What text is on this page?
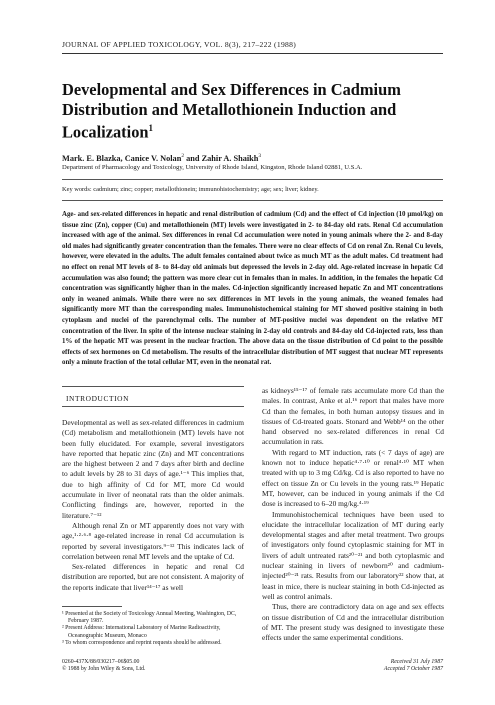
JOURNAL OF APPLIED TOXICOLOGY, VOL. 8(3), 217–222 (1988)
Developmental and Sex Differences in Cadmium Distribution and Metallothionein Induction and Localization$^1$
Mark. E. Blazka, Canice V. Nolan$^2$ and Zahir A. Shaikh$^3$
Department of Pharmacology and Toxicology, University of Rhode Island, Kingston, Rhode Island 02881, U.S.A.
Key words: cadmium; zinc; copper; metallothionein; immunohistochemistry; age; sex; liver; kidney.
Age- and sex-related differences in hepatic and renal distribution of cadmium (Cd) and the effect of Cd injection (10 μmol/kg) on tissue zinc (Zn), copper (Cu) and metallothionein (MT) levels were investigated in 2- to 84-day old rats. Renal Cd accumulation increased with age of the animal. Sex differences in renal Cd accumulation were noted in young animals where the 2- and 8-day old males had significantly greater concentration than the females. There were no clear effects of Cd on renal Zn. Renal Cu levels, however, were elevated in the adults. The adult females contained about twice as much MT as the adult males. Cd treatment had no effect on renal MT levels of 8- to 84-day old animals but depressed the levels in 2-day old. Age-related increase in hepatic Cd accumulation was also found; the pattern was more clear cut in females than in males. In addition, in the females the hepatic Cd concentration was significantly higher than in the males. Cd-injection significantly increased hepatic Zn and MT concentrations only in weaned animals. While there were no sex differences in MT levels in the young animals, the weaned females had significantly more MT than the corresponding males. Immunohistochemical staining for MT showed positive staining in both cytoplasm and nuclei of the parenchymal cells. The number of MT-positive nuclei was dependent on the relative MT concentration of the liver. In spite of the intense nuclear staining in 2-day old controls and 84-day old Cd-injected rats, less than 1% of the hepatic MT was present in the nuclear fraction. The above data on the tissue distribution of Cd point to the possible effects of sex hormones on Cd metabolism. The results of the intracellular distribution of MT suggest that nuclear MT represents only a minute fraction of the total cellular MT, even in the neonatal rat.
INTRODUCTION

Developmental as well as sex-related differences in cadmium (Cd) metabolism and metallothionein (MT) levels have not been fully elucidated. For example, several investigators have reported that hepatic zinc (Zn) and MT concentrations are the highest between 2 and 7 days after birth and decline to adult levels by 28 to 31 days of age.¹⁻⁶ This implies that, due to high affinity of Cd for MT, more Cd would accumulate in liver of neonatal rats than the older animals. Conflicting findings are, however, reported in the literature.⁷⁻¹²

Although renal Zn or MT apparently does not vary with age,¹·²·⁶·⁸ age-related increase in renal Cd accumulation is reported by several investigators.⁹⁻¹² This indicates lack of correlation between renal MT levels and the uptake of Cd.

Sex-related differences in hepatic and renal Cd distribution are reported, but are not consistent. A majority of the reports indicate that liver¹⁴⁻¹⁷ as well

as kidneys¹⁵⁻¹⁷ of female rats accumulate more Cd than the males. In contrast, Anke et al.¹⁶ report that males have more Cd than the females, in both human autopsy tissues and in tissues of Cd-treated goats. Stonard and Webb¹⁴ on the other hand observed no sex-related differences in renal Cd accumulation in rats.

With regard to MT induction, rats (< 7 days of age) are known not to induce hepatic⁴·⁷·¹⁰ or renal⁴·¹⁰ MT when treated with up to 3 mg Cd/kg. Cd is also reported to have no effect on tissue Zn or Cu levels in the young rats.¹⁹ Hepatic MT, however, can be induced in young animals if the Cd dose is increased to 6–20 mg/kg.⁴·¹⁹

Immunohistochemical techniques have been used to elucidate the intracellular localization of MT during early developmental stages and after metal treatment. Two groups of investigators only found cytoplasmic staining for MT in livers of adult untreated rats²⁰⁻²¹ and both cytoplasmic and nuclear staining in livers of newborn²⁰ and cadmium-injected²⁰⁻²¹ rats. Results from our laboratory²² show that, at least in mice, there is nuclear staining in both Cd-injected as well as control animals.

Thus, there are contradictory data on age and sex effects on tissue distribution of Cd and the intracellular distribution of MT. The present study was designed to investigate these effects under the same experimental conditions.

¹ Presented at the Society of Toxicology Annual Meeting, Washington, DC, February 1987.
² Present Address: International Laboratory of Marine Radioactivity, Oceanographic Museum, Monaco
³ To whom correspondence and reprint requests should be addressed.
0260-437X/88/030217–06$05.00
© 1988 by John Wiley & Sons, Ltd.
Received 31 July 1987
Accepted 7 October 1987
